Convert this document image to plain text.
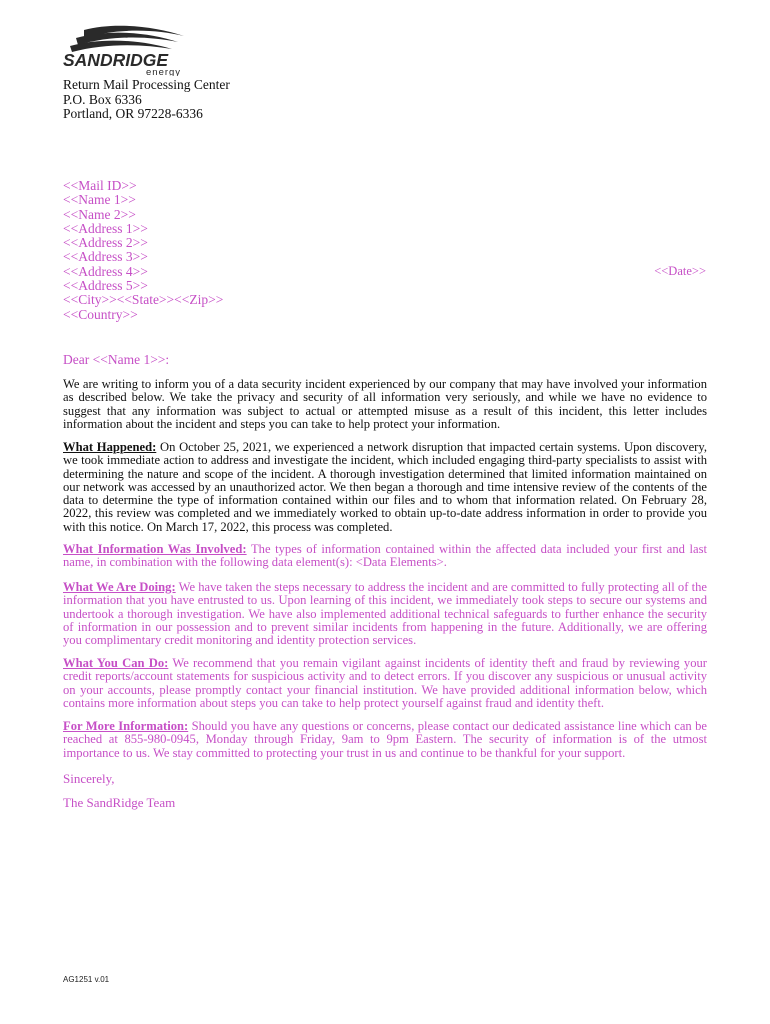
SANDRIDGE
energy
Return Mail Processing Center
P.O. Box 6336
Portland, OR 97228-6336
<<Mail ID>>
<<Name 1>>
<<Name 2>>
<<Address 1>>
<<Address 2>>
<<Address 3>>
<<Address 4>>
<<Address 5>>
<<City>><<State>><<Zip>>
<<Country>>
<<Date>>
Dear <<Name 1>>:
We are writing to inform you of a data security incident experienced by our company that may have involved your information as described below. We take the privacy and security of all information very seriously, and while we have no evidence to suggest that any information was subject to actual or attempted misuse as a result of this incident, this letter includes information about the incident and steps you can take to help protect your information.
What Happened: On October 25, 2021, we experienced a network disruption that impacted certain systems. Upon discovery, we took immediate action to address and investigate the incident, which included engaging third-party specialists to assist with determining the nature and scope of the incident. A thorough investigation determined that limited information maintained on our network was accessed by an unauthorized actor. We then began a thorough and time intensive review of the contents of the data to determine the type of information contained within our files and to whom that information related. On February 28, 2022, this review was completed and we immediately worked to obtain up-to-date address information in order to provide you with this notice. On March 17, 2022, this process was completed.
What Information Was Involved: The types of information contained within the affected data included your first and last name, in combination with the following data element(s): <Data Elements>.
What We Are Doing: We have taken the steps necessary to address the incident and are committed to fully protecting all of the information that you have entrusted to us. Upon learning of this incident, we immediately took steps to secure our systems and undertook a thorough investigation. We have also implemented additional technical safeguards to further enhance the security of information in our possession and to prevent similar incidents from happening in the future. Additionally, we are offering you complimentary credit monitoring and identity protection services.
What You Can Do: We recommend that you remain vigilant against incidents of identity theft and fraud by reviewing your credit reports/account statements for suspicious activity and to detect errors. If you discover any suspicious or unusual activity on your accounts, please promptly contact your financial institution. We have provided additional information below, which contains more information about steps you can take to help protect yourself against fraud and identity theft.
For More Information: Should you have any questions or concerns, please contact our dedicated assistance line which can be reached at 855-980-0945, Monday through Friday, 9am to 9pm Eastern. The security of information is of the utmost importance to us. We stay committed to protecting your trust in us and continue to be thankful for your support.
Sincerely,
The SandRidge Team
AG1251 v.01
